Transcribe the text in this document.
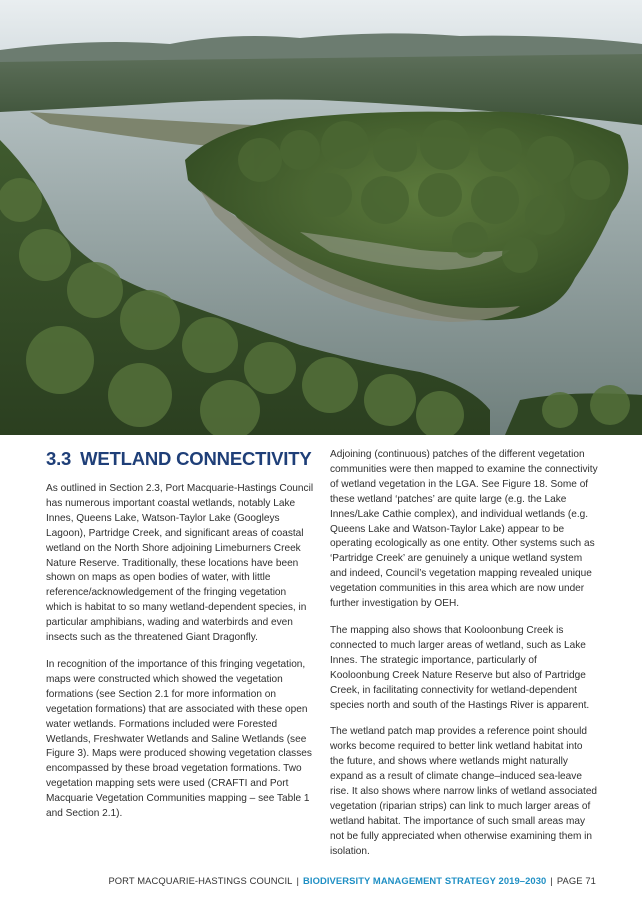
3.3 WETLAND CONNECTIVITY

As outlined in Section 2.3, Port Macquarie-Hastings Council has numerous important coastal wetlands, notably Lake Innes, Queens Lake, Watson-Taylor Lake (Googleys Lagoon), Partridge Creek, and significant areas of coastal wetland on the North Shore adjoining Limeburners Creek Nature Reserve. Traditionally, these locations have been shown on maps as open bodies of water, with little reference/acknowledgement of the fringing vegetation which is habitat to so many wetland-dependent species, in particular amphibians, wading and waterbirds and even insects such as the threatened Giant Dragonfly.

In recognition of the importance of this fringing vegetation, maps were constructed which showed the vegetation formations (see Section 2.1 for more information on vegetation formations) that are associated with these open water wetlands. Formations included were Forested Wetlands, Freshwater Wetlands and Saline Wetlands (see Figure 3). Maps were produced showing vegetation classes encompassed by these broad vegetation formations. Two vegetation mapping sets were used (CRAFTI and Port Macquarie Vegetation Communities mapping – see Table 1 and Section 2.1).

Adjoining (continuous) patches of the different vegetation communities were then mapped to examine the connectivity of wetland vegetation in the LGA. See Figure 18. Some of these wetland ‘patches’ are quite large (e.g. the Lake Innes/Lake Cathie complex), and individual wetlands (e.g. Queens Lake and Watson-Taylor Lake) appear to be operating ecologically as one entity. Other systems such as ‘Partridge Creek’ are genuinely a unique wetland system and indeed, Council’s vegetation mapping revealed unique vegetation communities in this area which are now under further investigation by OEH.

The mapping also shows that Kooloonbung Creek is connected to much larger areas of wetland, such as Lake Innes. The strategic importance, particularly of Kooloonbung Creek Nature Reserve but also of Partridge Creek, in facilitating connectivity for wetland-dependent species north and south of the Hastings River is apparent.

The wetland patch map provides a reference point should works become required to better link wetland habitat into the future, and shows where wetlands might naturally expand as a result of climate change–induced sea-leave rise. It also shows where narrow links of wetland associated vegetation (riparian strips) can link to much larger areas of wetland habitat. The importance of such small areas may not be fully appreciated when otherwise examining them in isolation.

PORT MACQUARIE-HASTINGS COUNCIL | BIODIVERSITY MANAGEMENT STRATEGY 2019–2030 | PAGE 71
